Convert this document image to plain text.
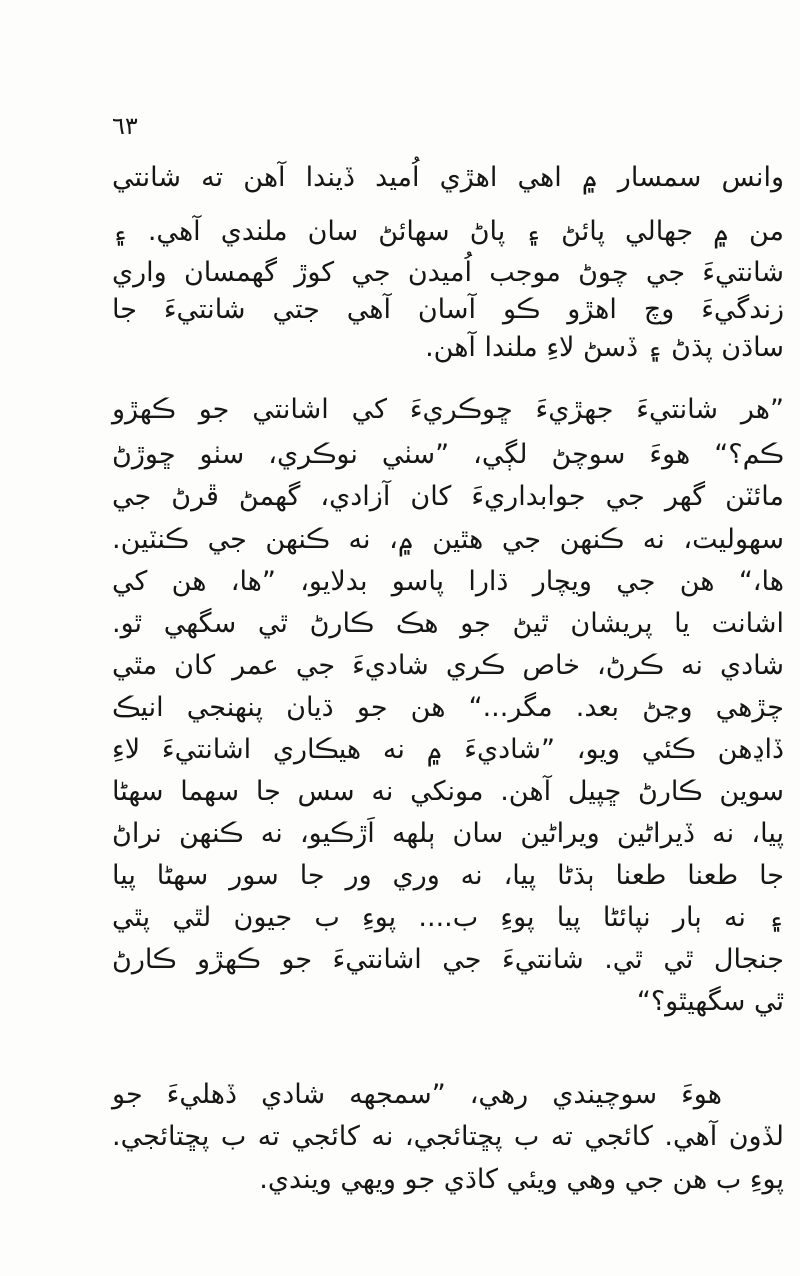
٦٣
وانس سمسار ۾ اهي اهڙي اُميد ڏيندا آهن ته شانتي
من ۾ جهالي پائڻ ۽ پاڻ سهائڻ سان ملندي آهي. ۽
شانتيءَ جي چوڻ موجب اُميدن جي کوڙ گهمسان واري
زندگيءَ وچ اهڙو ڪو آسان آهي جتي شانتيءَ جا
ساڌن پڌڻ ۽ ڏسڻ لاءِ ملندا آهن.
”هر شانتيءَ جهڙيءَ ڇوڪريءَ کي اشانتي جو ڪهڙو
ڪم؟“ هوءَ سوچڻ لڳي، ”سٺي نوڪري، سٺو ڇوڙڻ
مائٽن گهر جي جوابداريءَ کان آزادي، گهمڻ ڦرڻ جي
سهوليت، نه ڪنهن جي هٿين ۾، نه ڪنهن جي ڪنٽين.
ها،“ هن جي ويچار ڌارا پاسو بدلايو، ”ها، هن کي
اشانت يا پريشان ٿيڻ جو هڪ ڪارڻ ٿي سگهي ٿو.
شادي نه ڪرڻ، خاص ڪري شاديءَ جي عمر کان مٿي
چڙهي وڃڻ بعد. مگر...“ هن جو ڌيان پنهنجي انيڪ
ڏاڍهن ڪئي ويو، ”شاديءَ ۾ نه هيڪاري اشانتيءَ لاءِ
سوين ڪارڻ ڇپيل آهن. مونکي نه سس جا سهما سهڻا
پيا، نه ڏيراڻين ويراڻين سان ٻلهه اَڙڪيو، نه ڪنهن نراڻ
جا طعنا طعنا ٻڌڻا پيا، نه وري ور جا سور سهڻا پيا
۽ نه ٻار نپائڻا پيا پوءِ ب.... پوءِ ب جيون لٿي پٿي
جنجال ٿي ٿي. شانتيءَ جي اشانتيءَ جو ڪهڙو ڪارڻ
ٿي سگهيٿو؟“
هوءَ سوچيندي رهي، ”سمجهه شادي ڏهليءَ جو
لڏون آهي. کائجي ته ب پڇتائجي، نه کائجي ته ب پڇتائجي.
پوءِ ب هن جي وهي ويئي کاڌي جو ويهي ويندي.
